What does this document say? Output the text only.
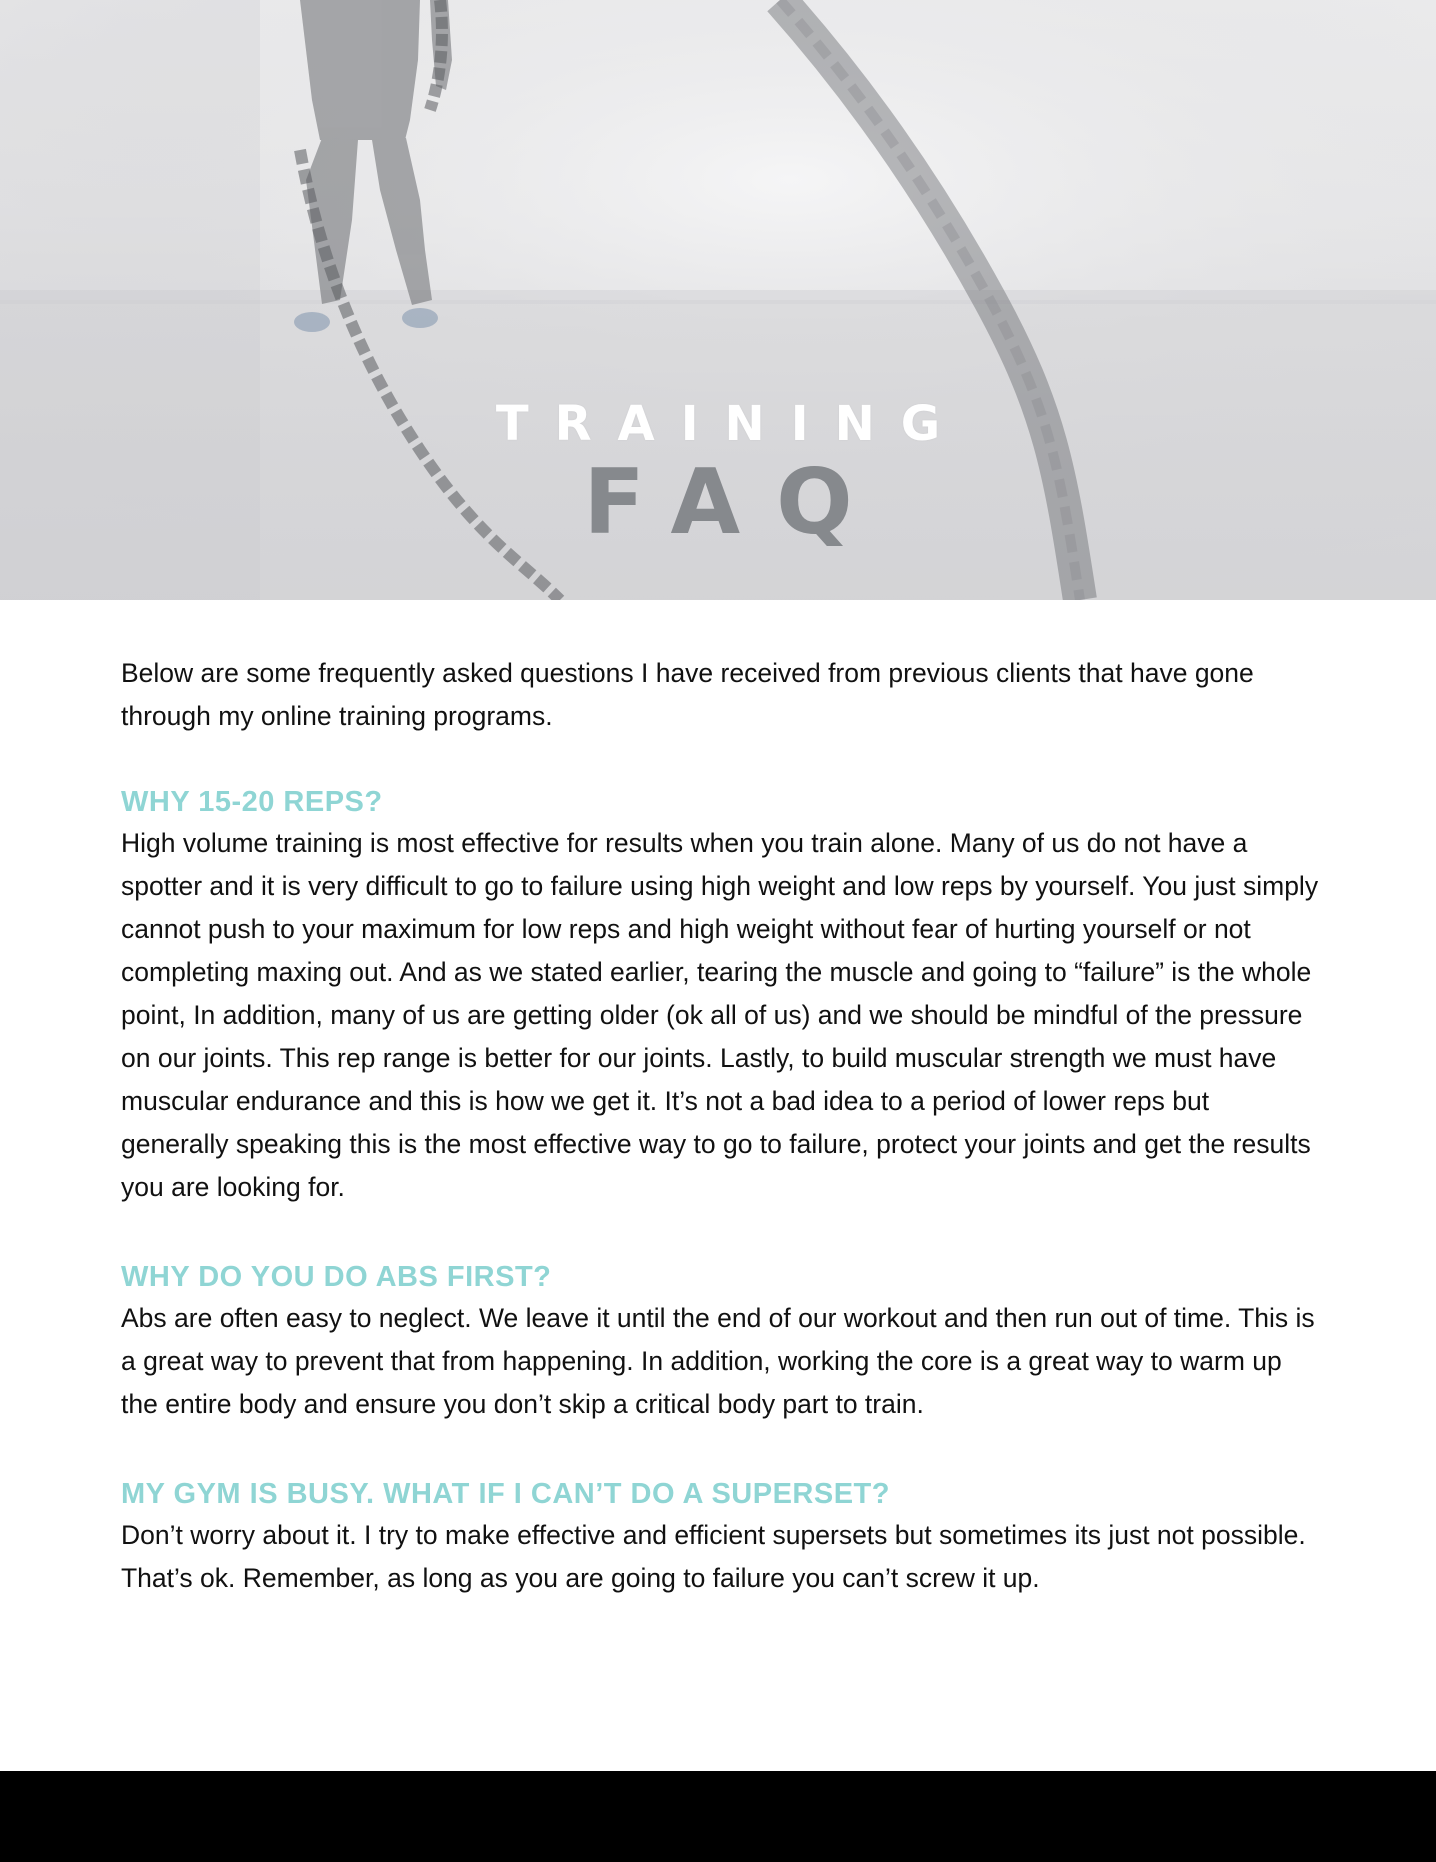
TRAINING
FAQ

Below are some frequently asked questions I have received from previous clients that have gone through my online training programs.

WHY 15-20 REPS?

High volume training is most effective for results when you train alone. Many of us do not have a spotter and it is very difficult to go to failure using high weight and low reps by yourself. You just simply cannot push to your maximum for low reps and high weight without fear of hurting yourself or not completing maxing out. And as we stated earlier, tearing the muscle and going to “failure” is the whole point, In addition, many of us are getting older (ok all of us) and we should be mindful of the pressure on our joints. This rep range is better for our joints. Lastly, to build muscular strength we must have muscular endurance and this is how we get it. It’s not a bad idea to a period of lower reps but generally speaking this is the most effective way to go to failure, protect your joints and get the results you are looking for.

WHY DO YOU DO ABS FIRST?

Abs are often easy to neglect. We leave it until the end of our workout and then run out of time. This is a great way to prevent that from happening. In addition, working the core is a great way to warm up the entire body and ensure you don’t skip a critical body part to train.

MY GYM IS BUSY. WHAT IF I CAN’T DO A SUPERSET?

Don’t worry about it. I try to make effective and efficient supersets but sometimes its just not possible. That’s ok. Remember, as long as you are going to failure you can’t screw it up.
